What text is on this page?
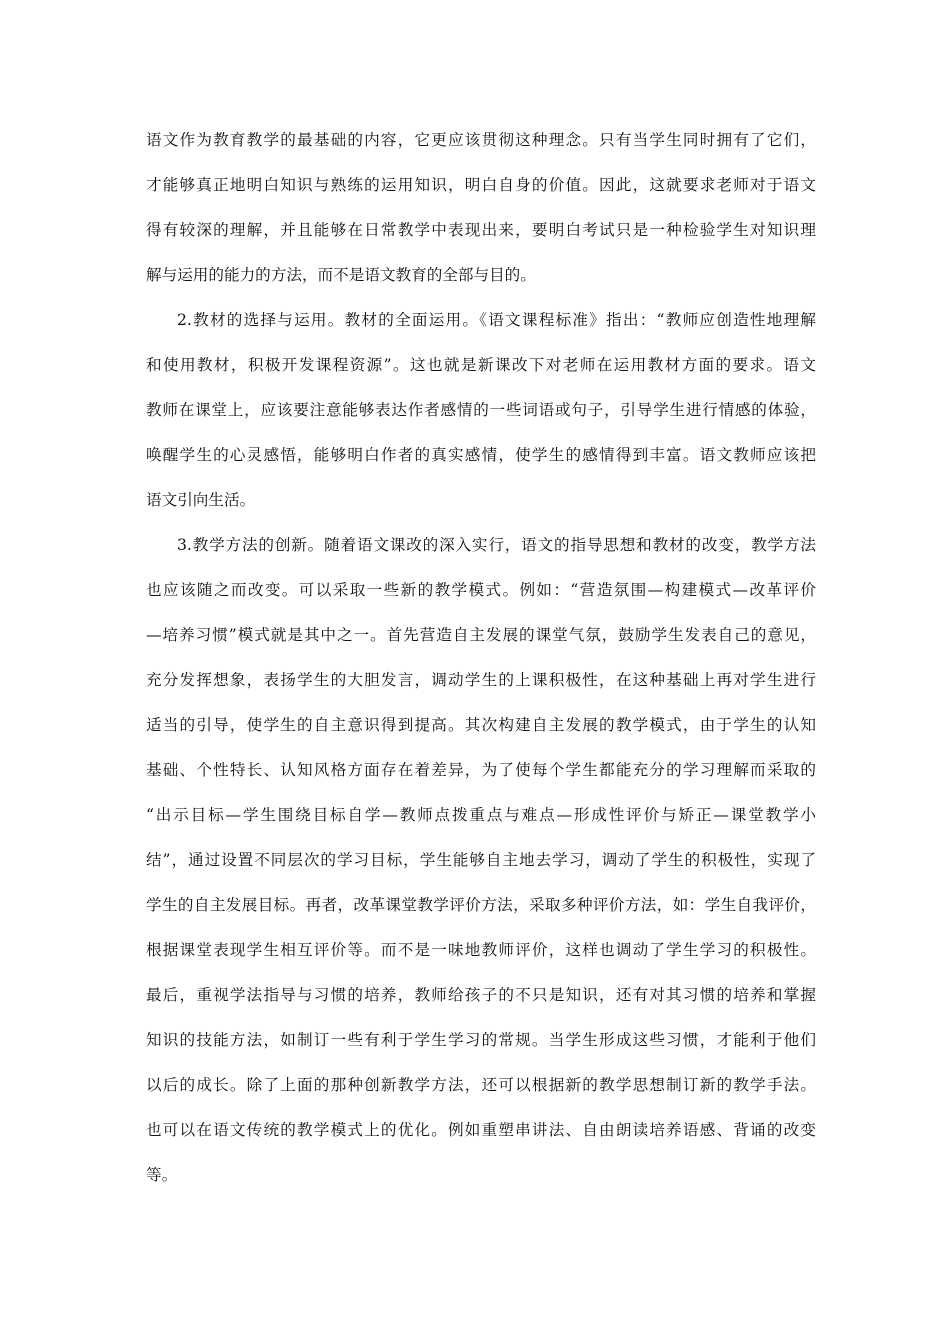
语文作为教育教学的最基础的内容，它更应该贯彻这种理念。只有当学生同时拥有了它们，
才能够真正地明白知识与熟练的运用知识，明白自身的价值。因此，这就要求老师对于语文
得有较深的理解，并且能够在日常教学中表现出来，要明白考试只是一种检验学生对知识理
解与运用的能力的方法，而不是语文教育的全部与目的。
2.教材的选择与运用。教材的全面运用。《语文课程标准》指出：“教师应创造性地理解
和使用教材，积极开发课程资源”。这也就是新课改下对老师在运用教材方面的要求。语文
教师在课堂上，应该要注意能够表达作者感情的一些词语或句子，引导学生进行情感的体验，
唤醒学生的心灵感悟，能够明白作者的真实感情，使学生的感情得到丰富。语文教师应该把
语文引向生活。
3.教学方法的创新。随着语文课改的深入实行，语文的指导思想和教材的改变，教学方法
也应该随之而改变。可以采取一些新的教学模式。例如：“营造氛围—构建模式—改革评价
—培养习惯”模式就是其中之一。首先营造自主发展的课堂气氛，鼓励学生发表自己的意见，
充分发挥想象，表扬学生的大胆发言，调动学生的上课积极性，在这种基础上再对学生进行
适当的引导，使学生的自主意识得到提高。其次构建自主发展的教学模式，由于学生的认知
基础、个性特长、认知风格方面存在着差异，为了使每个学生都能充分的学习理解而采取的
“出示目标—学生围绕目标自学—教师点拨重点与难点—形成性评价与矫正—课堂教学小
结”，通过设置不同层次的学习目标，学生能够自主地去学习，调动了学生的积极性，实现了
学生的自主发展目标。再者，改革课堂教学评价方法，采取多种评价方法，如：学生自我评价，
根据课堂表现学生相互评价等。而不是一味地教师评价，这样也调动了学生学习的积极性。
最后，重视学法指导与习惯的培养，教师给孩子的不只是知识，还有对其习惯的培养和掌握
知识的技能方法，如制订一些有利于学生学习的常规。当学生形成这些习惯，才能利于他们
以后的成长。除了上面的那种创新教学方法，还可以根据新的教学思想制订新的教学手法。
也可以在语文传统的教学模式上的优化。例如重塑串讲法、自由朗读培养语感、背诵的改变
等。
